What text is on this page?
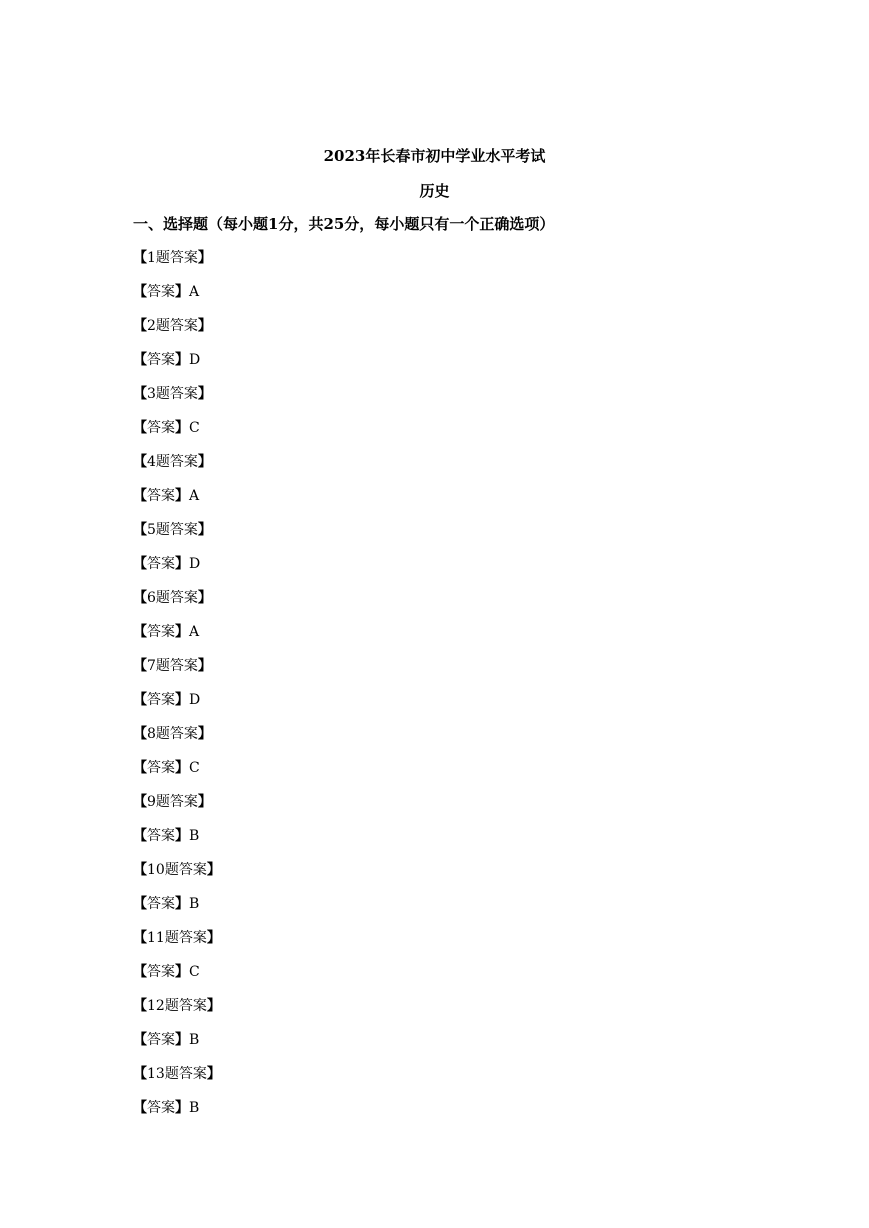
2023年长春市初中学业水平考试
历史

一、选择题（每小题1分，共25分，每小题只有一个正确选项）

【1题答案】
【答案】A
【2题答案】
【答案】D
【3题答案】
【答案】C
【4题答案】
【答案】A
【5题答案】
【答案】D
【6题答案】
【答案】A
【7题答案】
【答案】D
【8题答案】
【答案】C
【9题答案】
【答案】B
【10题答案】
【答案】B
【11题答案】
【答案】C
【12题答案】
【答案】B
【13题答案】
【答案】B
